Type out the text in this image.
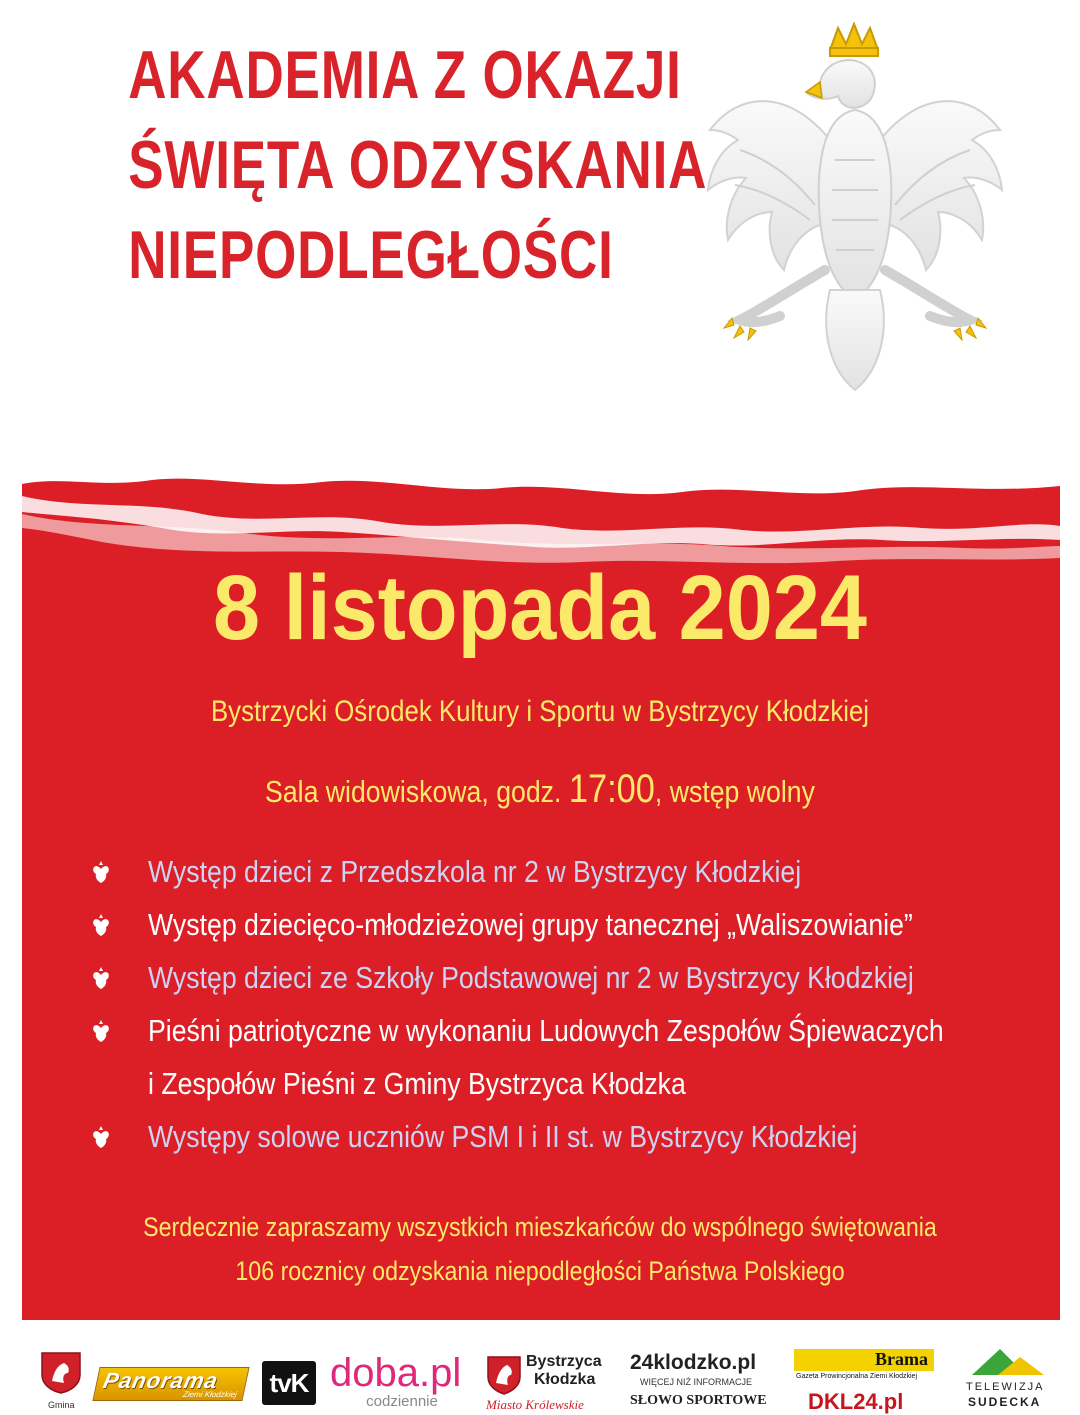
AKADEMIA Z OKAZJI
ŚWIĘTA ODZYSKANIA
NIEPODLEGŁOŚCI
8 listopada 2024
Bystrzycki Ośrodek Kultury i Sportu w Bystrzycy Kłodzkiej
Sala widowiskowa, godz. 17:00, wstęp wolny
Występ dzieci z Przedszkola nr 2 w Bystrzycy Kłodzkiej
Występ dziecięco-młodzieżowej grupy tanecznej „Waliszowianie”
Występ dzieci ze Szkoły Podstawowej nr 2 w Bystrzycy Kłodzkiej
Pieśni patriotyczne w wykonaniu Ludowych Zespołów Śpiewaczych
i Zespołów Pieśni z Gminy Bystrzyca Kłodzka
Występy solowe uczniów PSM I i II st. w Bystrzycy Kłodzkiej
Serdecznie zapraszamy wszystkich mieszkańców do wspólnego świętowania
106 rocznicy odzyskania niepodległości Państwa Polskiego
Gmina
Panorama
Ziemi Kłodzkiej tvK doba.pl
codziennie
Bystrzyca
Kłodzka
Miasto Królewskie
24klodzko.pl
WIĘCEJ NIŻ INFORMACJE
SŁOWO SPORTOWE
Brama
Gazeta Prowincjonalna Ziemi Kłodzkiej
DKL24.pl
TELEWIZJA
SUDECKA
